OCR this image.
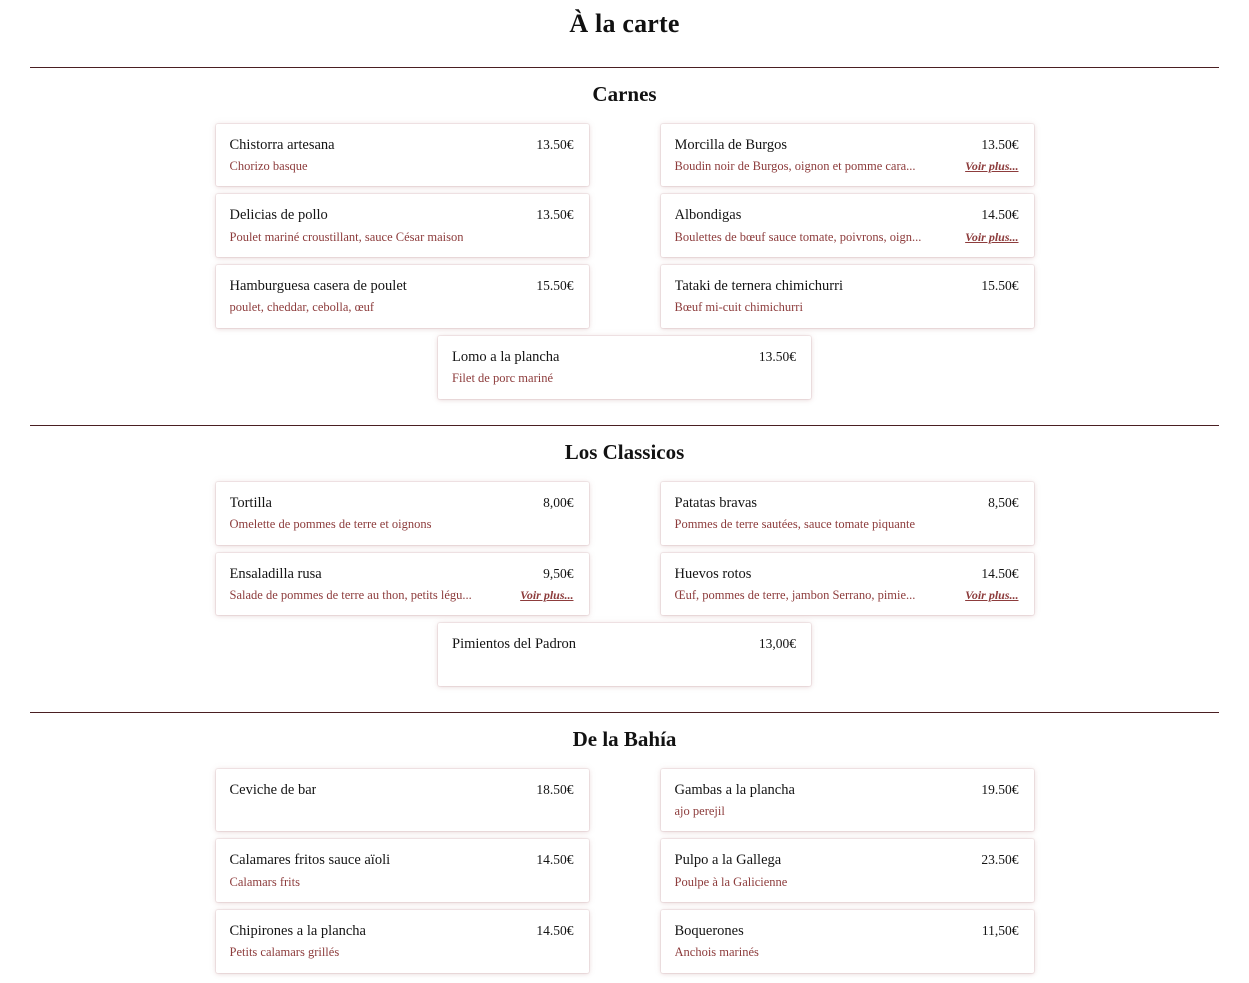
À la carte
Carnes
Chistorra artesana	13.50€
Chorizo basque
Morcilla de Burgos	13.50€
Boudin noir de Burgos, oignon et pomme cara...	Voir plus...
Delicias de pollo	13.50€
Poulet mariné croustillant, sauce César maison
Albondigas	14.50€
Boulettes de bœuf sauce tomate, poivrons, oign...	Voir plus...
Hamburguesa casera de poulet	15.50€
poulet, cheddar, cebolla, œuf
Tataki de ternera chimichurri	15.50€
Bœuf mi-cuit chimichurri
Lomo a la plancha	13.50€
Filet de porc mariné
Los Classicos
Tortilla	8,00€
Omelette de pommes de terre et oignons
Patatas bravas	8,50€
Pommes de terre sautées, sauce tomate piquante
Ensaladilla rusa	9,50€
Salade de pommes de terre au thon, petits légu...	Voir plus...
Huevos rotos	14.50€
Œuf, pommes de terre, jambon Serrano, pimie...	Voir plus...
Pimientos del Padron	13,00€
De la Bahía
Ceviche de bar	18.50€	Gambas a la plancha	19.50€
ajo perejil
Calamares fritos sauce aïoli	14.50€
Calamars frits
Pulpo a la Gallega	23.50€
Poulpe à la Galicienne
Chipirones a la plancha	14.50€
Petits calamars grillés
Boquerones	11,50€
Anchois marinés
